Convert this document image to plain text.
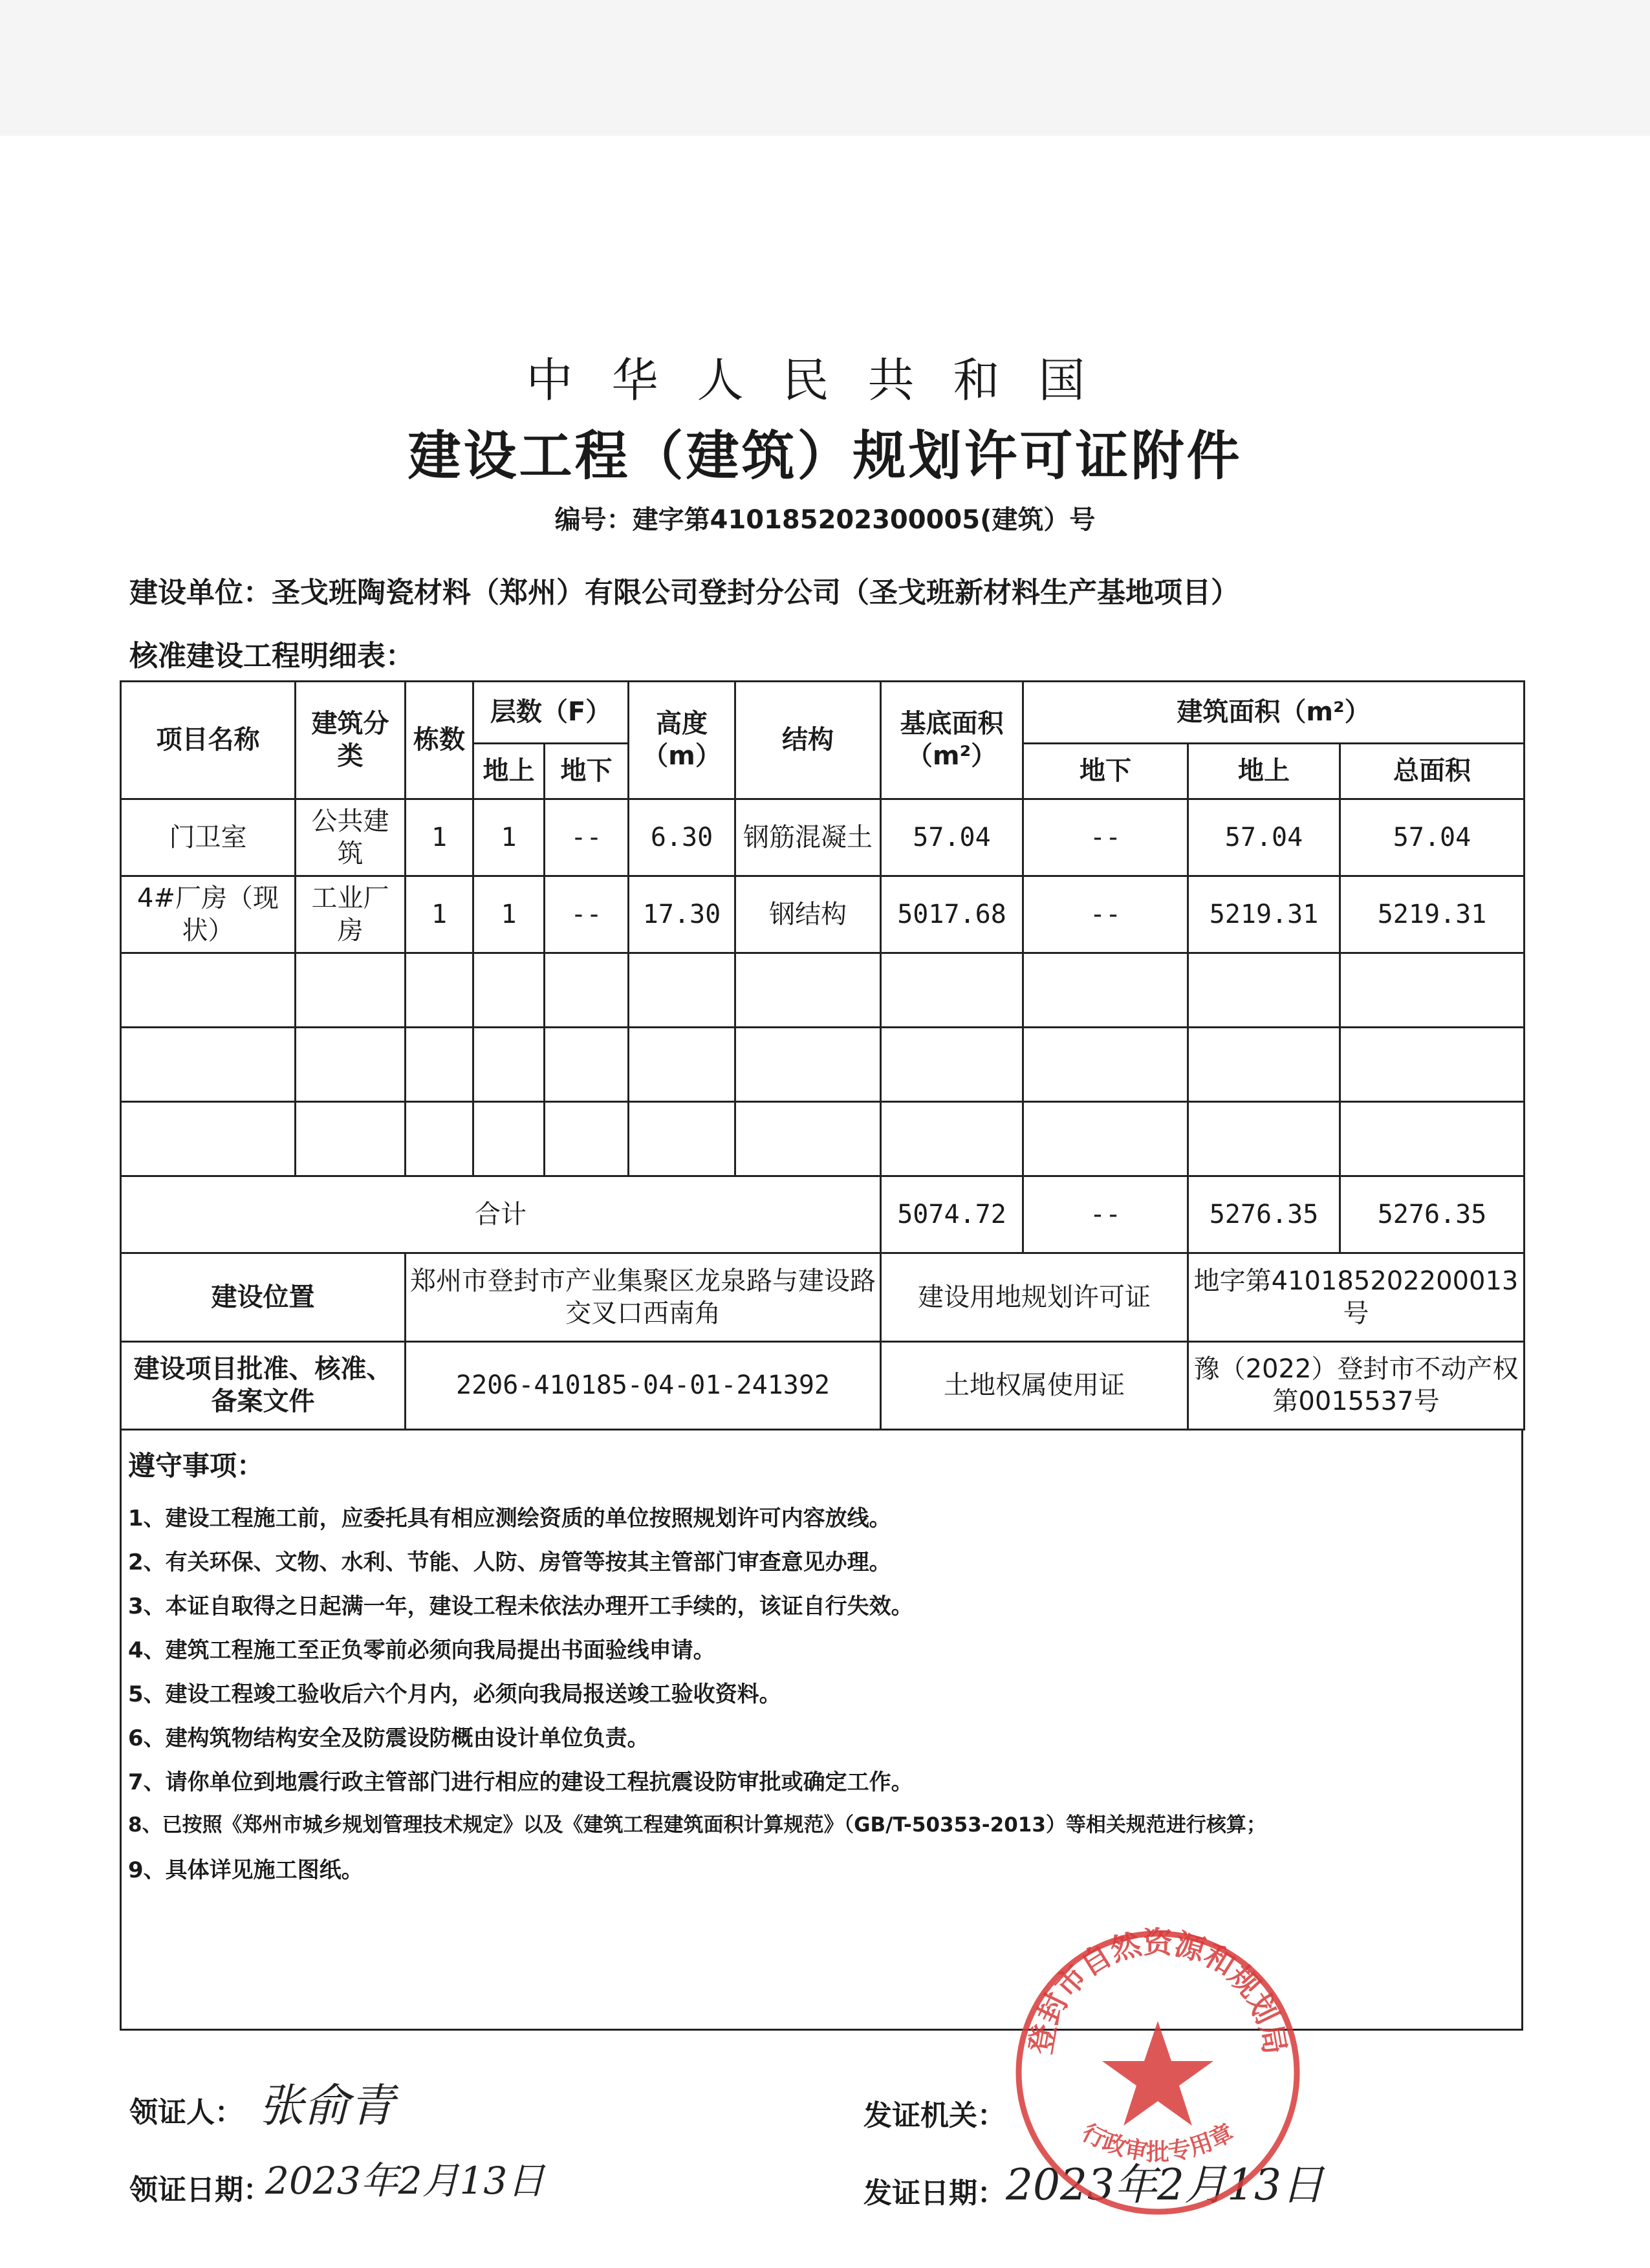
中华人民共和国
建设工程（建筑）规划许可证附件
编号：建字第410185202300005(建筑）号
建设单位：圣戈班陶瓷材料（郑州）有限公司登封分公司（圣戈班新材料生产基地项目）
核准建设工程明细表：
项目名称	建筑分类	栋数	层数（F）		高度（m）	结构	基底面积（m²）	建筑面积（m²）		
			地上	地下				地下	地上	总面积
门卫室	公共建筑	1	1	--	6.30	钢筋混凝土	57.04	--	57.04	57.04
4#厂房（现状）	工业厂房	1	1	--	17.30	钢结构	5017.68	--	5219.31	5219.31

合计							5074.72	--	5276.35	5276.35
建设位置		郑州市登封市产业集聚区龙泉路与建设路交叉口西南角					建设用地规划许可证		地字第410185202200013号	
建设项目批准、核准、备案文件		2206-410185-04-01-241392					土地权属使用证		豫（2022）登封市不动产权第0015537号	
遵守事项：
1、建设工程施工前，应委托具有相应测绘资质的单位按照规划许可内容放线。
2、有关环保、文物、水利、节能、人防、房管等按其主管部门审查意见办理。
3、本证自取得之日起满一年，建设工程未依法办理开工手续的，该证自行失效。
4、建筑工程施工至正负零前必须向我局提出书面验线申请。
5、建设工程竣工验收后六个月内，必须向我局报送竣工验收资料。
6、建构筑物结构安全及防震设防概由设计单位负责。
7、请你单位到地震行政主管部门进行相应的建设工程抗震设防审批或确定工作。
8、已按照《郑州市城乡规划管理技术规定》以及《建筑工程建筑面积计算规范》（GB/T-50353-2013）等相关规范进行核算；
9、具体详见施工图纸。
领证人： 张俞青
领证日期：
2023年2月13日
发证机关：
发证日期： 2023年2月13日
登封市自然资源和规划局
行政审批专用章
